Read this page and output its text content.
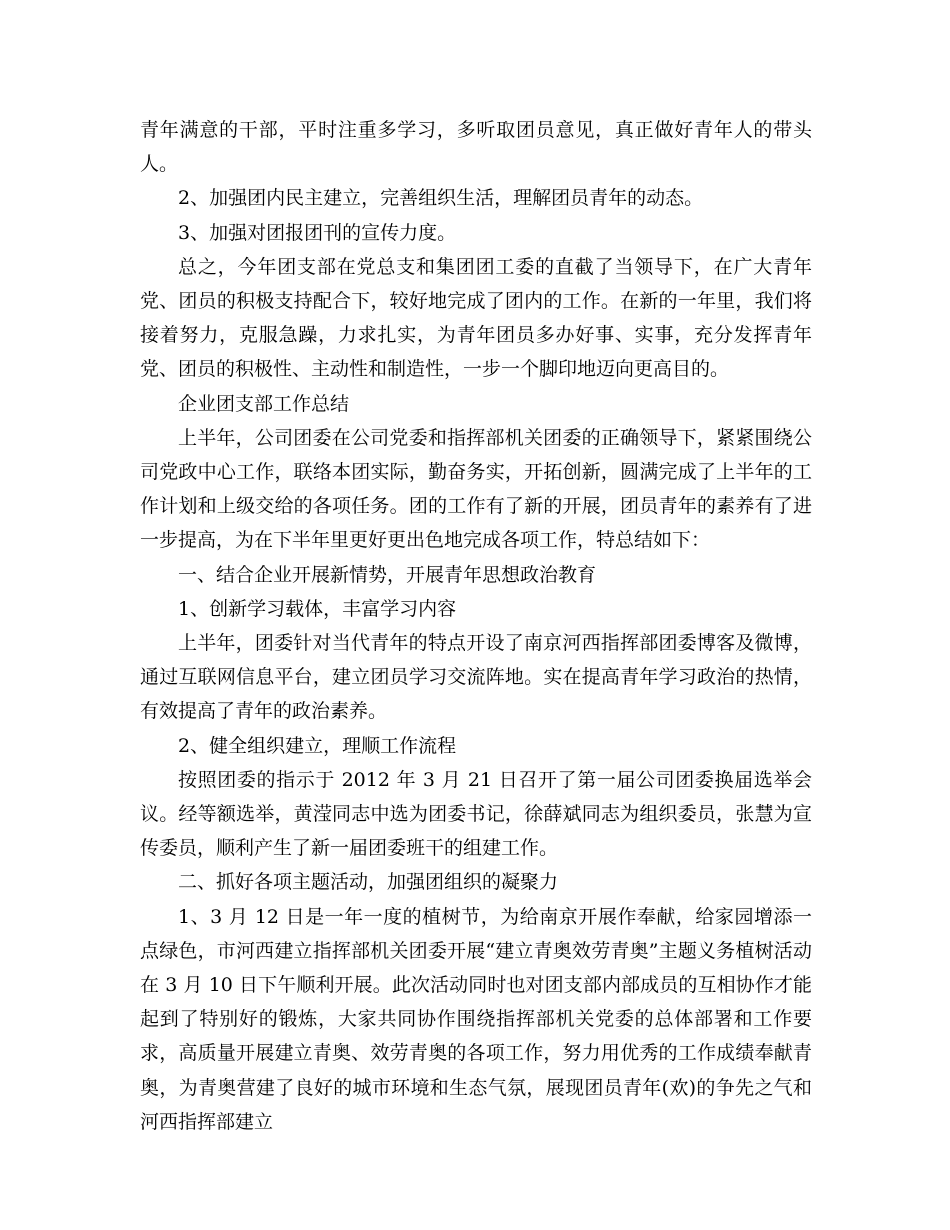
青年满意的干部，平时注重多学习，多听取团员意见，真正做好青年人的带头人。

2、加强团内民主建立，完善组织生活，理解团员青年的动态。

3、加强对团报团刊的宣传力度。

总之，今年团支部在党总支和集团团工委的直截了当领导下，在广大青年党、团员的积极支持配合下，较好地完成了团内的工作。在新的一年里，我们将接着努力，克服急躁，力求扎实，为青年团员多办好事、实事，充分发挥青年党、团员的积极性、主动性和制造性，一步一个脚印地迈向更高目的。

企业团支部工作总结

上半年，公司团委在公司党委和指挥部机关团委的正确领导下，紧紧围绕公司党政中心工作，联络本团实际，勤奋务实，开拓创新，圆满完成了上半年的工作计划和上级交给的各项任务。团的工作有了新的开展，团员青年的素养有了进一步提高，为在下半年里更好更出色地完成各项工作，特总结如下：

一、结合企业开展新情势，开展青年思想政治教育

1、创新学习载体，丰富学习内容

上半年，团委针对当代青年的特点开设了南京河西指挥部团委博客及微博，通过互联网信息平台，建立团员学习交流阵地。实在提高青年学习政治的热情，有效提高了青年的政治素养。

2、健全组织建立，理顺工作流程

按照团委的指示于 2012 年 3 月 21 日召开了第一届公司团委换届选举会议。经等额选举，黄滢同志中选为团委书记，徐薛斌同志为组织委员，张慧为宣传委员，顺利产生了新一届团委班干的组建工作。

二、抓好各项主题活动，加强团组织的凝聚力

1、3 月 12 日是一年一度的植树节，为给南京开展作奉献，给家园增添一点绿色，市河西建立指挥部机关团委开展“建立青奥效劳青奥”主题义务植树活动在 3 月 10 日下午顺利开展。此次活动同时也对团支部内部成员的互相协作才能起到了特别好的锻炼，大家共同协作围绕指挥部机关党委的总体部署和工作要求，高质量开展建立青奥、效劳青奥的各项工作，努力用优秀的工作成绩奉献青奥，为青奥营建了良好的城市环境和生态气氛，展现团员青年(欢)的争先之气和河西指挥部建立
